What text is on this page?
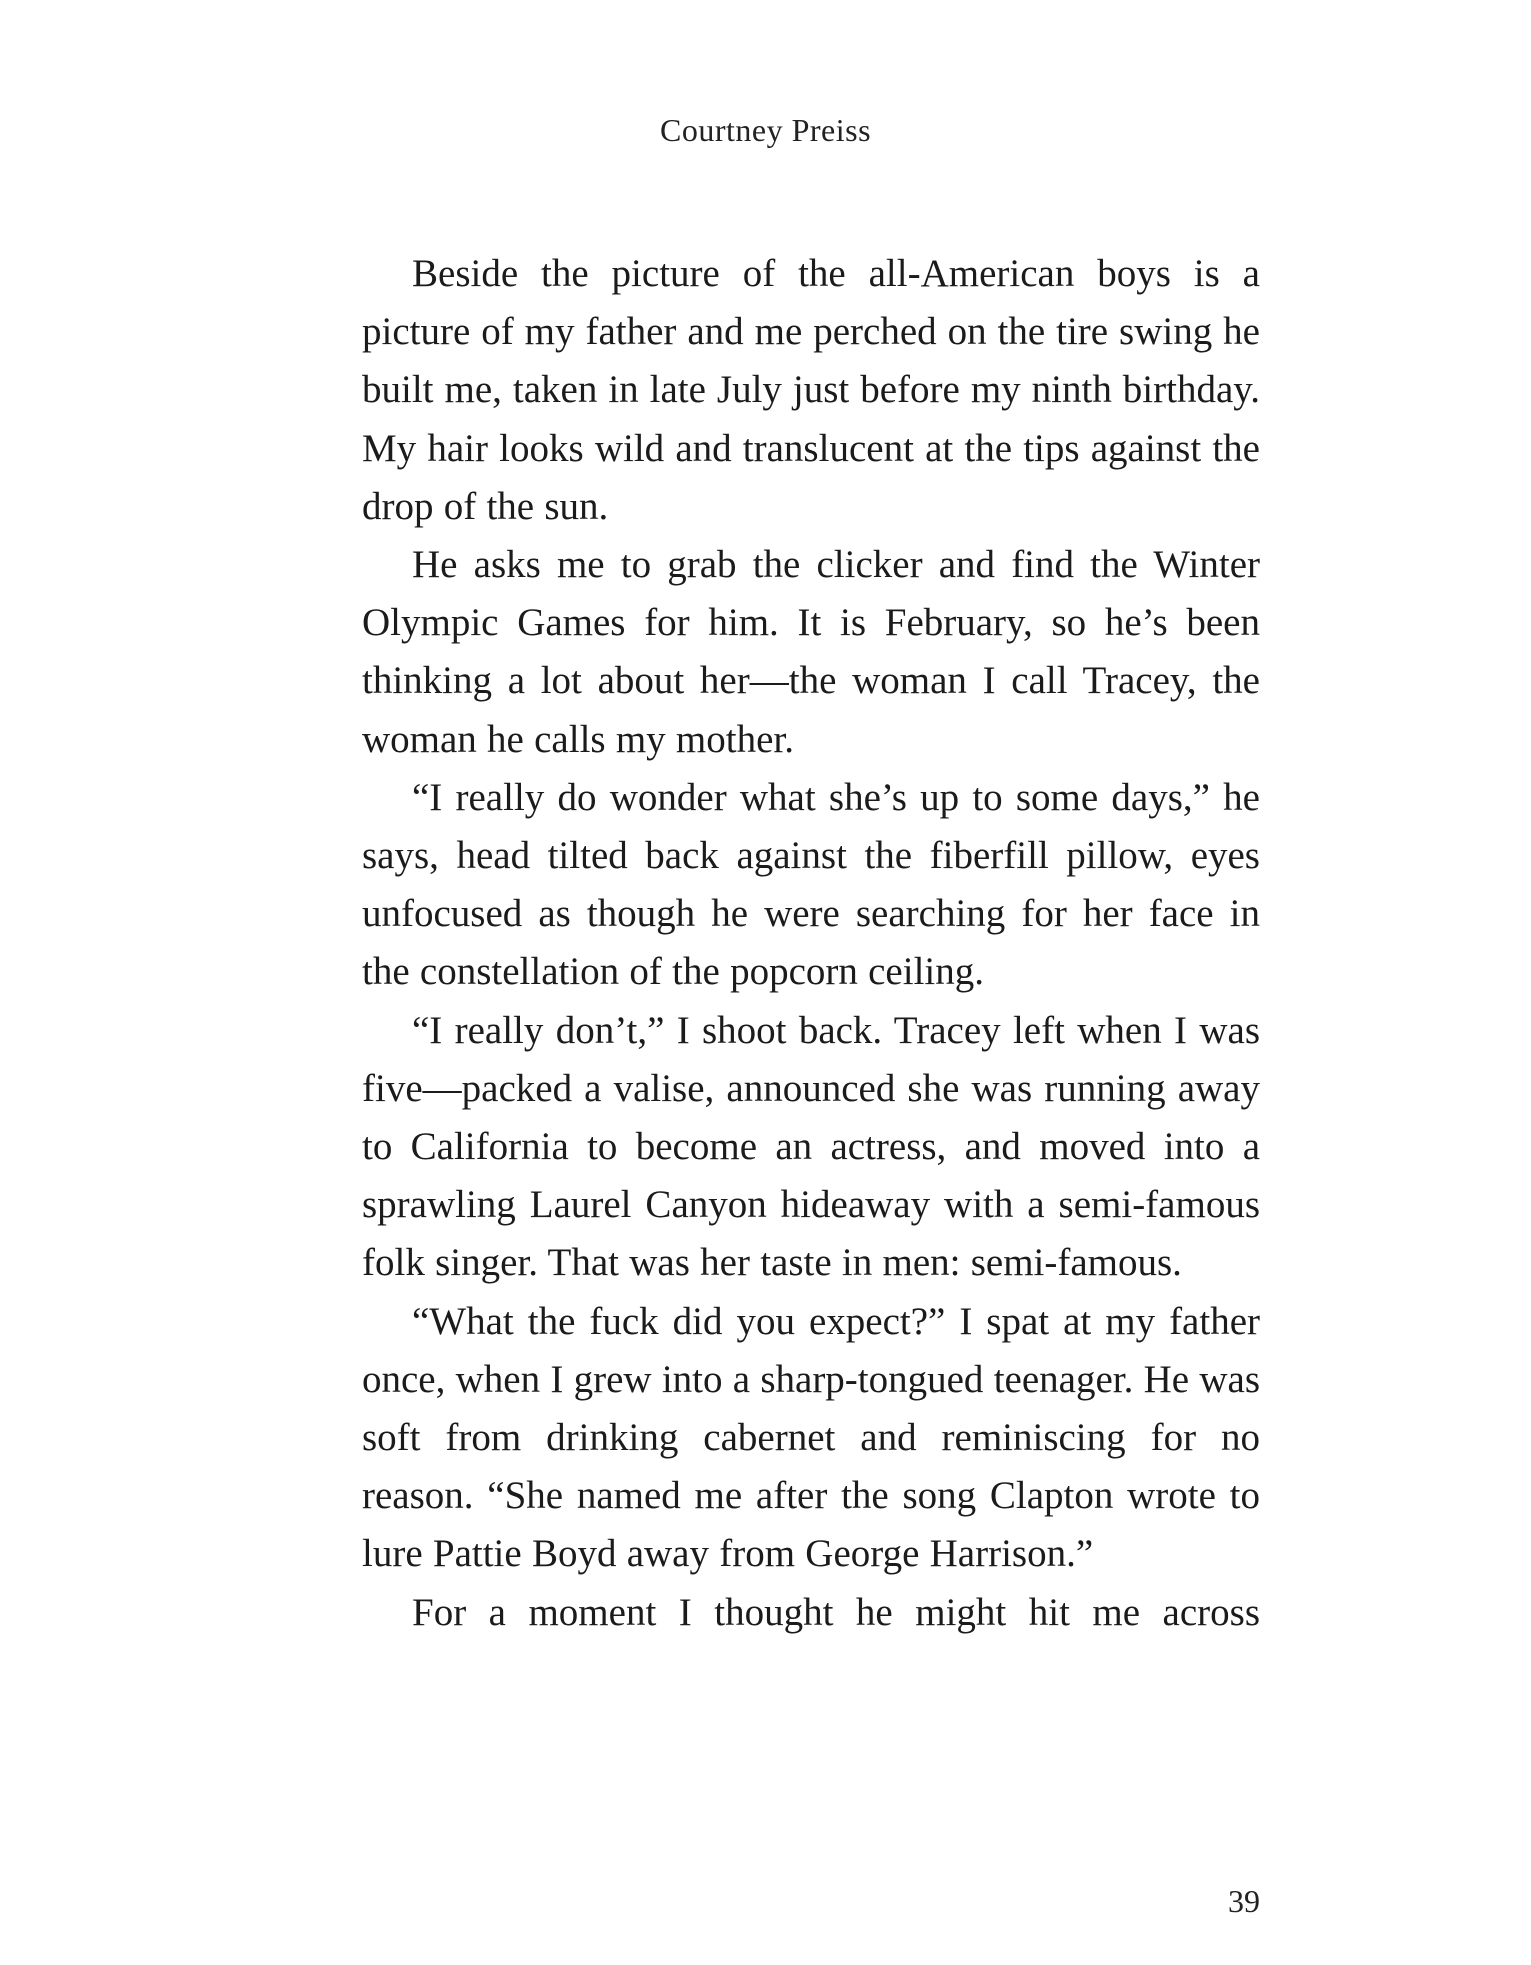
Courtney Preiss

Beside the picture of the all-American boys is a picture of my father and me perched on the tire swing he built me, taken in late July just before my ninth birthday. My hair looks wild and translucent at the tips against the drop of the sun.

He asks me to grab the clicker and find the Winter Olympic Games for him. It is February, so he’s been thinking a lot about her—the woman I call Tracey, the woman he calls my mother.

“I really do wonder what she’s up to some days,” he says, head tilted back against the fiberfill pillow, eyes unfocused as though he were searching for her face in the constellation of the popcorn ceiling.

“I really don’t,” I shoot back. Tracey left when I was five—packed a valise, announced she was running away to California to become an actress, and moved into a sprawling Laurel Canyon hideaway with a semi-famous folk singer. That was her taste in men: semi-famous.

“What the fuck did you expect?” I spat at my father once, when I grew into a sharp-tongued teenager. He was soft from drinking cabernet and reminiscing for no reason. “She named me after the song Clapton wrote to lure Pattie Boyd away from George Harrison.”

For a moment I thought he might hit me across

39
